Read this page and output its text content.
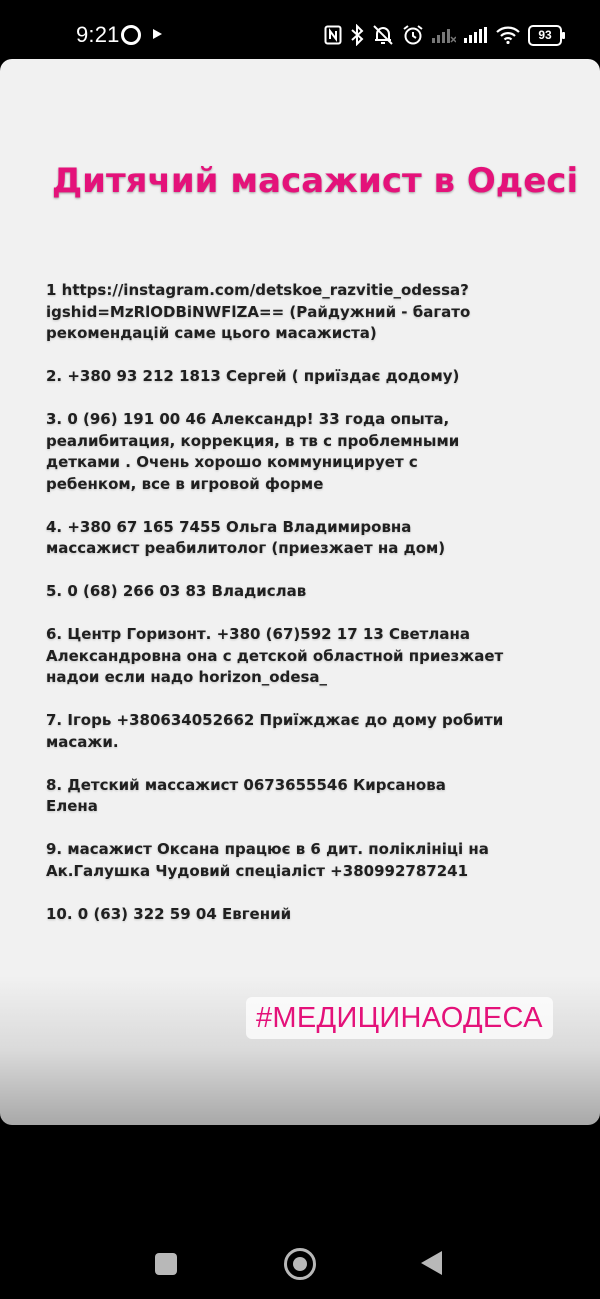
9:21	93
Дитячий масажист в Одесі
1 https://instagram.com/detskoe_razvitie_odessa?
igshid=MzRlODBiNWFlZA== (Райдужний - багато
рекомендацій саме цього масажиста)
2. +380 93 212 1813 Сергей ( приїздає додому)
3. 0 (96) 191 00 46 Александр! 33 года опыта,
реалибитация, коррекция, в тв с проблемными
детками . Очень хорошо коммуницирует с
ребенком, все в игровой форме
4. +380 67 165 7455 Ольга Владимировна
массажист реабилитолог (приезжает на дом)
5. 0 (68) 266 03 83 Владислав
6. Центр Горизонт. +380 (67)592 17 13 Светлана
Александровна она с детской областной приезжает
надои если надо horizon_odesa_
7. Ігорь +380634052662 Приїжджає до дому робити
масажи.
8. Детский массажист 0673655546 Кирсанова
Елена
9. масажист Оксана працює в 6 дит. поліклініці на
Ак.Галушка Чудовий спеціаліст +380992787241
10. 0 (63) 322 59 04 Евгений
#МЕДИЦИНАОДЕСА
